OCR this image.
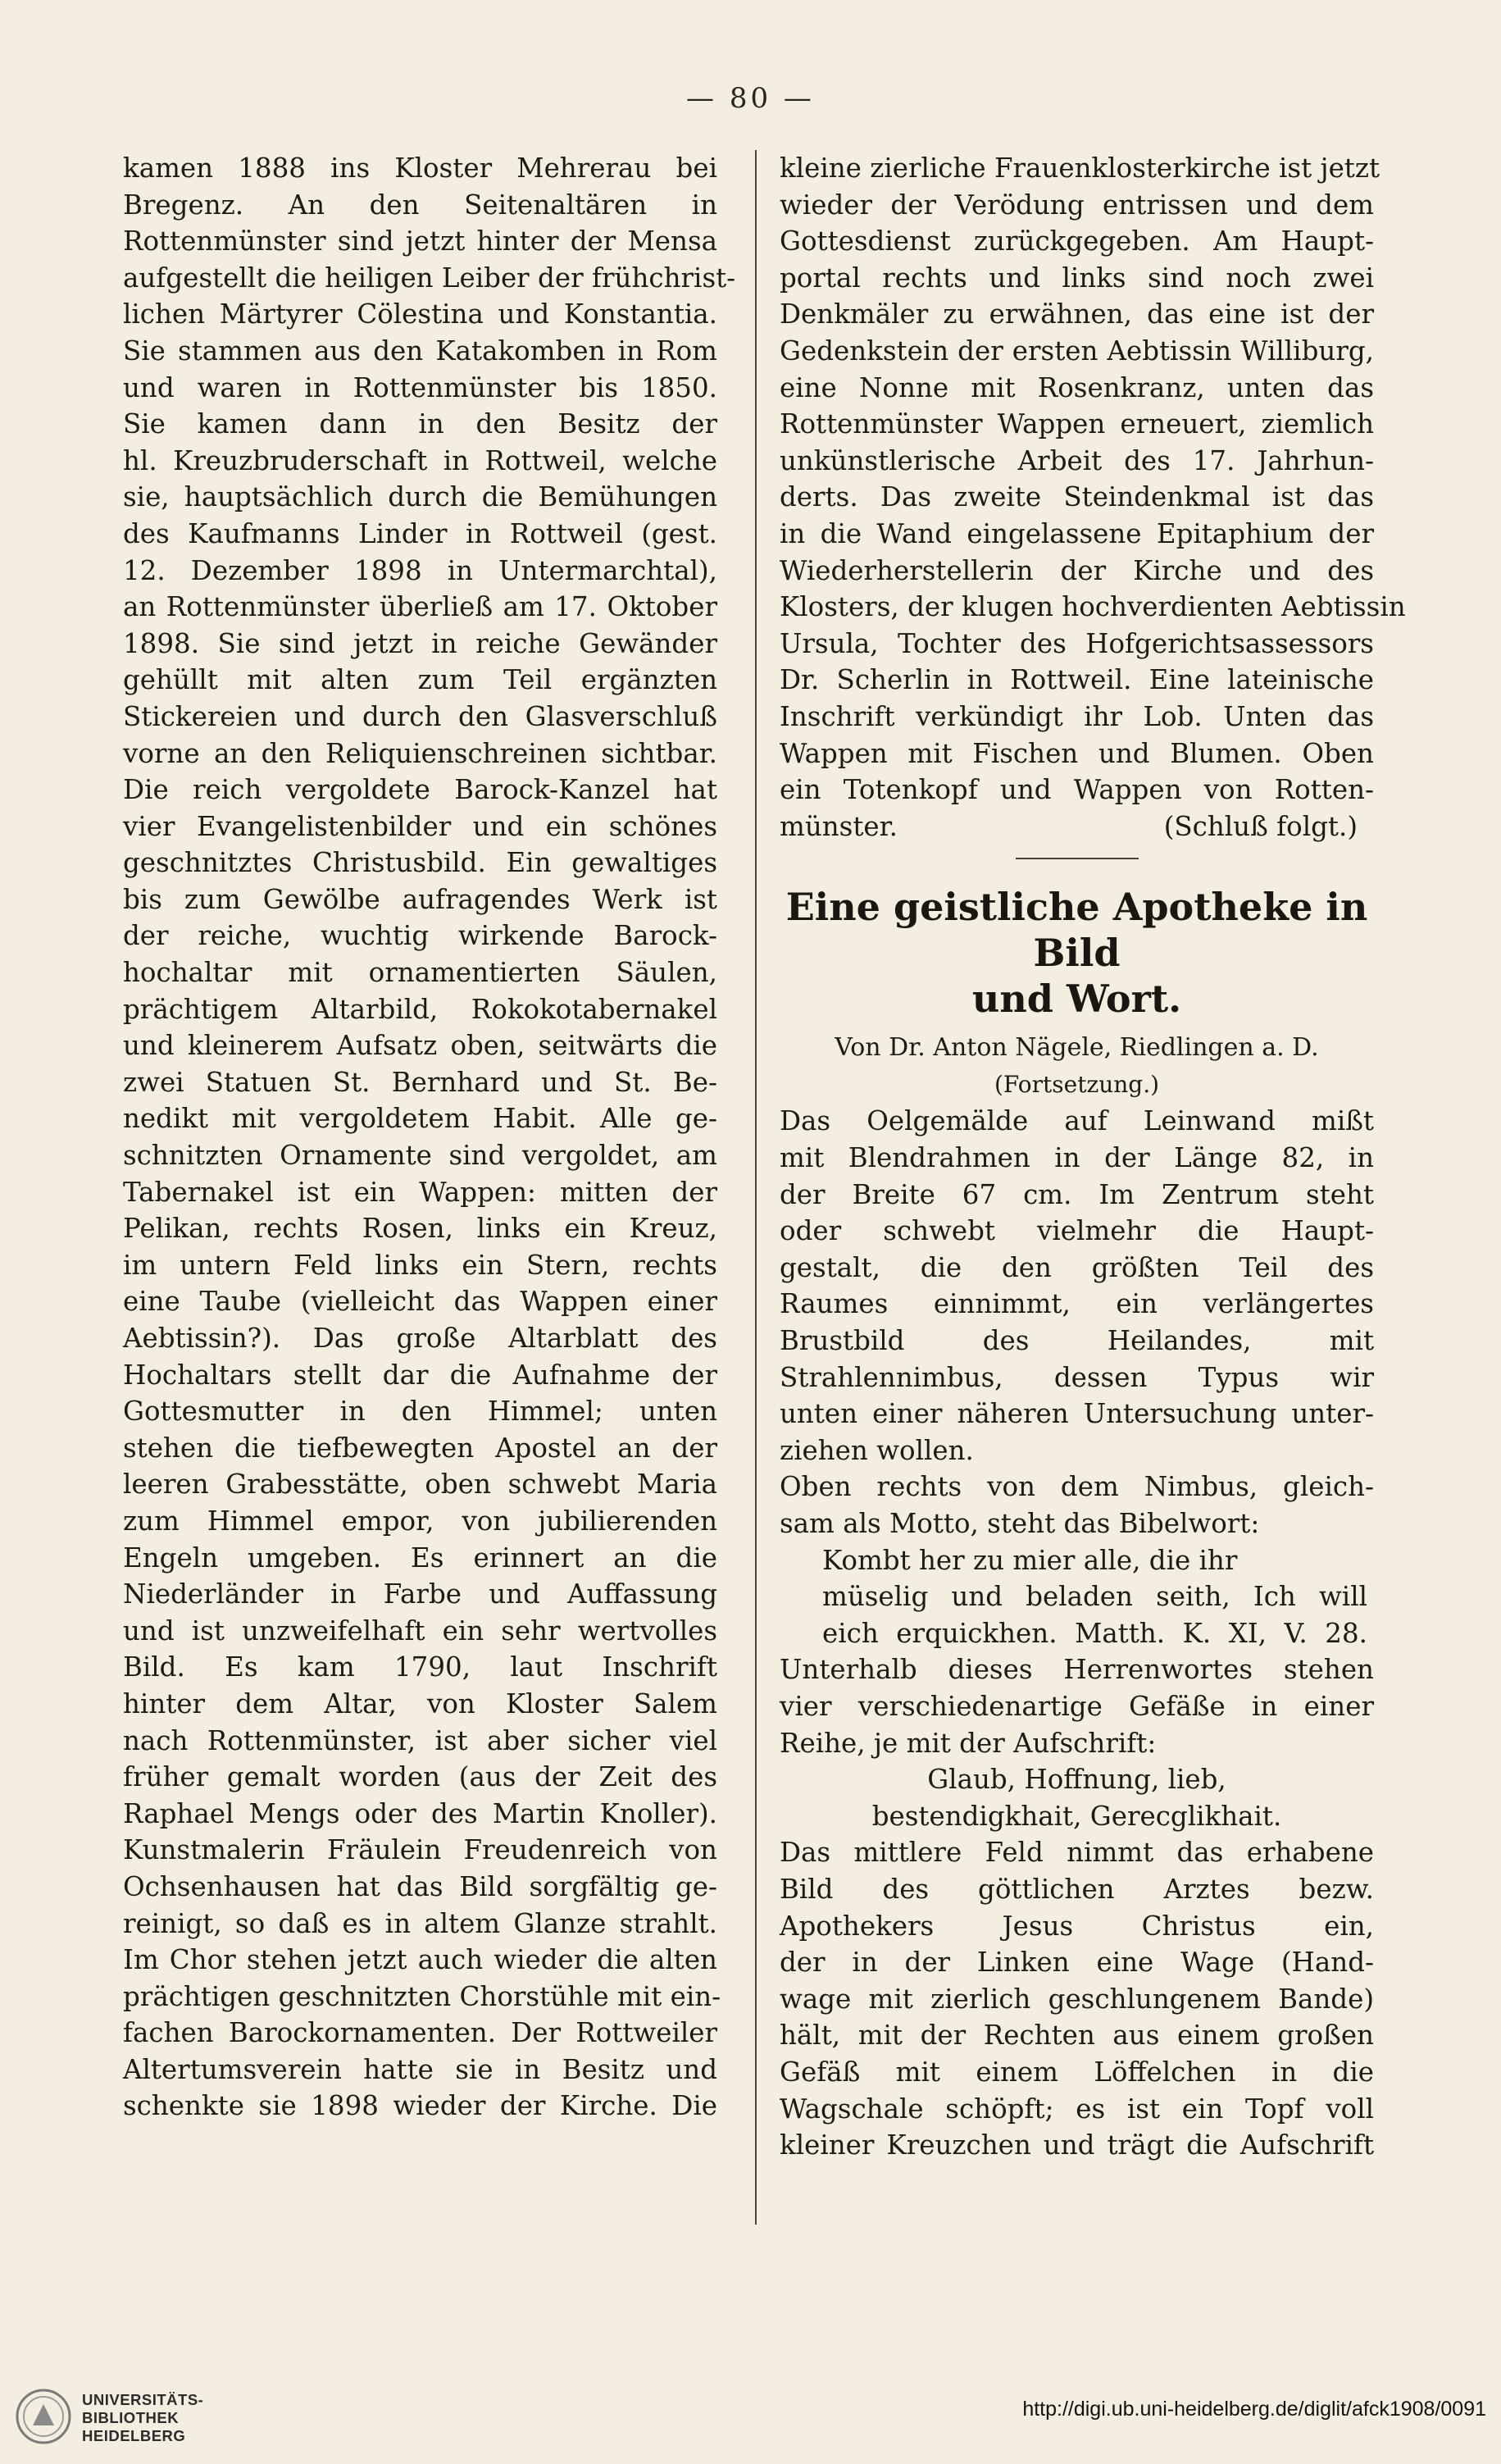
— 80 —
kamen 1888 ins Kloster Mehrerau bei
Bregenz. An den Seitenaltären in
Rottenmünster sind jetzt hinter der Mensa
aufgestellt die heiligen Leiber der frühchrist-
lichen Märtyrer Cölestina und Konstantia.
Sie stammen aus den Katakomben in Rom
und waren in Rottenmünster bis 1850.
Sie kamen dann in den Besitz der
hl. Kreuzbruderschaft in Rottweil, welche
sie, hauptsächlich durch die Bemühungen
des Kaufmanns Linder in Rottweil (gest.
12. Dezember 1898 in Untermarchtal),
an Rottenmünster überließ am 17. Oktober
1898. Sie sind jetzt in reiche Gewänder
gehüllt mit alten zum Teil ergänzten
Stickereien und durch den Glasverschluß
vorne an den Reliquienschreinen sichtbar.
Die reich vergoldete Barock-Kanzel hat
vier Evangelistenbilder und ein schönes
geschnitztes Christusbild. Ein gewaltiges
bis zum Gewölbe aufragendes Werk ist
der reiche, wuchtig wirkende Barock-
hochaltar mit ornamentierten Säulen,
prächtigem Altarbild, Rokokotabernakel
und kleinerem Aufsatz oben, seitwärts die
zwei Statuen St. Bernhard und St. Be-
nedikt mit vergoldetem Habit. Alle ge-
schnitzten Ornamente sind vergoldet, am
Tabernakel ist ein Wappen: mitten der
Pelikan, rechts Rosen, links ein Kreuz,
im untern Feld links ein Stern, rechts
eine Taube (vielleicht das Wappen einer
Aebtissin?). Das große Altarblatt des
Hochaltars stellt dar die Aufnahme der
Gottesmutter in den Himmel; unten
stehen die tiefbewegten Apostel an der
leeren Grabesstätte, oben schwebt Maria
zum Himmel empor, von jubilierenden
Engeln umgeben. Es erinnert an die
Niederländer in Farbe und Auffassung
und ist unzweifelhaft ein sehr wertvolles
Bild. Es kam 1790, laut Inschrift
hinter dem Altar, von Kloster Salem
nach Rottenmünster, ist aber sicher viel
früher gemalt worden (aus der Zeit des
Raphael Mengs oder des Martin Knoller).
Kunstmalerin Fräulein Freudenreich von
Ochsenhausen hat das Bild sorgfältig ge-
reinigt, so daß es in altem Glanze strahlt.
Im Chor stehen jetzt auch wieder die alten
prächtigen geschnitzten Chorstühle mit ein-
fachen Barockornamenten. Der Rottweiler
Altertumsverein hatte sie in Besitz und
schenkte sie 1898 wieder der Kirche. Die
kleine zierliche Frauenklosterkirche ist jetzt
wieder der Verödung entrissen und dem
Gottesdienst zurückgegeben. Am Haupt-
portal rechts und links sind noch zwei
Denkmäler zu erwähnen, das eine ist der
Gedenkstein der ersten Aebtissin Williburg,
eine Nonne mit Rosenkranz, unten das
Rottenmünster Wappen erneuert, ziemlich
unkünstlerische Arbeit des 17. Jahrhun-
derts. Das zweite Steindenkmal ist das
in die Wand eingelassene Epitaphium der
Wiederherstellerin der Kirche und des
Klosters, der klugen hochverdienten Aebtissin
Ursula, Tochter des Hofgerichtsassessors
Dr. Scherlin in Rottweil. Eine lateinische
Inschrift verkündigt ihr Lob. Unten das
Wappen mit Fischen und Blumen. Oben
ein Totenkopf und Wappen von Rotten-
münster.	(Schluß folgt.)
Eine geistliche Apotheke in Bild
und Wort.
Von Dr. Anton Nägele, Riedlingen a. D.
(Fortsetzung.)
Das Oelgemälde auf Leinwand mißt
mit Blendrahmen in der Länge 82, in
der Breite 67 cm. Im Zentrum steht
oder schwebt vielmehr die Haupt-
gestalt, die den größten Teil des
Raumes einnimmt, ein verlängertes
Brustbild des Heilandes, mit
Strahlennimbus, dessen Typus wir
unten einer näheren Untersuchung unter-
ziehen wollen.
Oben rechts von dem Nimbus, gleich-
sam als Motto, steht das Bibelwort:
Kombt her zu mier alle, die ihr
müselig und beladen seith, Ich will
eich erquickhen. Matth. K. XI, V. 28.
Unterhalb dieses Herrenwortes stehen
vier verschiedenartige Gefäße in einer
Reihe, je mit der Aufschrift:
Glaub, Hoffnung, lieb,
bestendigkhait, Gerecglikhait.
Das mittlere Feld nimmt das erhabene
Bild des göttlichen Arztes bezw.
Apothekers Jesus Christus ein,
der in der Linken eine Wage (Hand-
wage mit zierlich geschlungenem Bande)
hält, mit der Rechten aus einem großen
Gefäß mit einem Löffelchen in die
Wagschale schöpft; es ist ein Topf voll
kleiner Kreuzchen und trägt die Aufschrift
UNIVERSITÄTS-
BIBLIOTHEK
HEIDELBERG
http://digi.ub.uni-heidelberg.de/diglit/afck1908/0091
